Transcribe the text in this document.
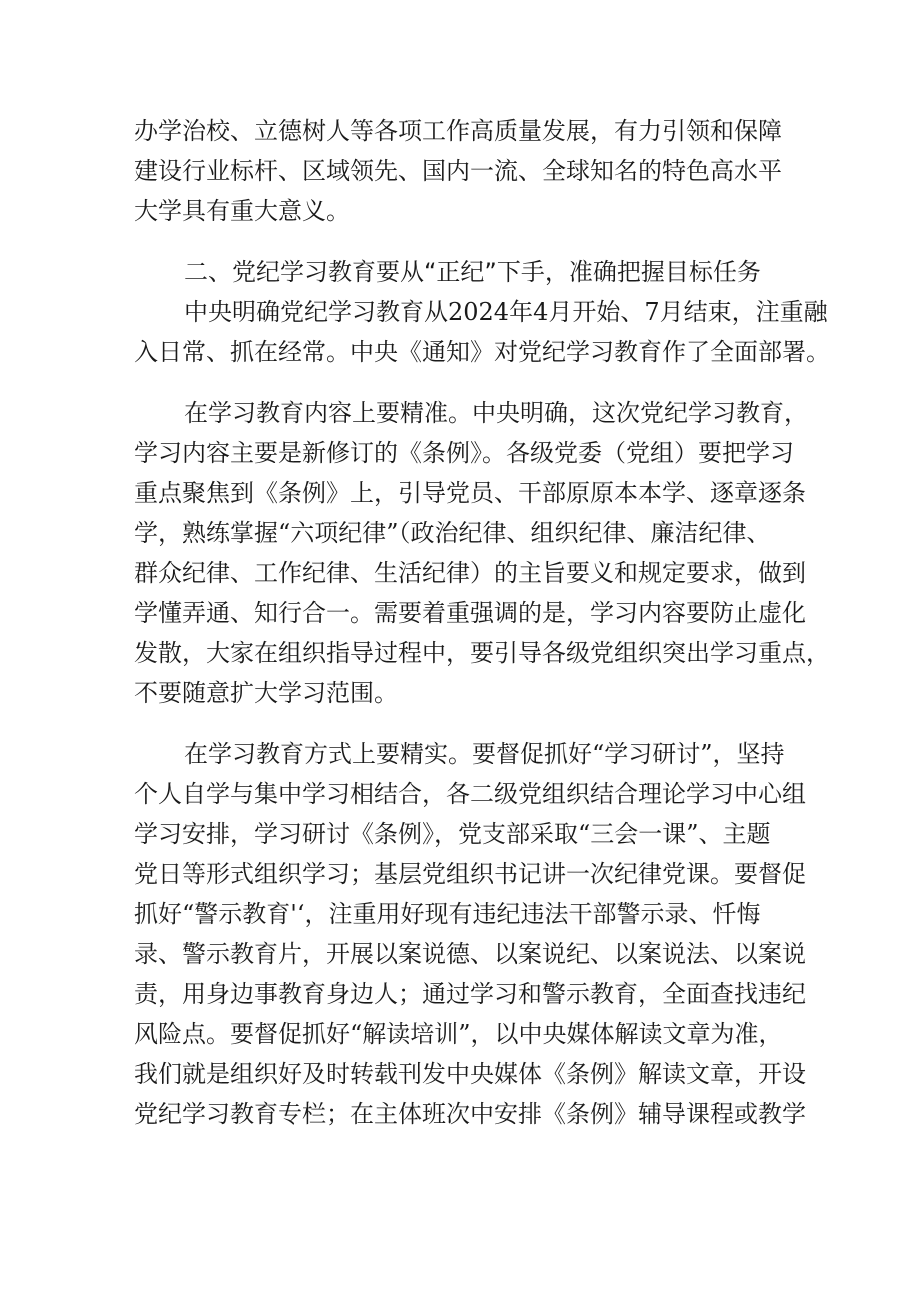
办学治校、立德树人等各项工作高质量发展，有力引领和保障
建设行业标杆、区域领先、国内一流、全球知名的特色高水平
大学具有重大意义。
二、党纪学习教育要从“正纪”下手，准确把握目标任务
中央明确党纪学习教育从2024年4月开始、7月结束，注重融
入日常、抓在经常。中央《通知》对党纪学习教育作了全面部署。
在学习教育内容上要精准。中央明确，这次党纪学习教育，
学习内容主要是新修订的《条例》。各级党委（党组）要把学习
重点聚焦到《条例》上，引导党员、干部原原本本学、逐章逐条
学，熟练掌握“六项纪律”（政治纪律、组织纪律、廉洁纪律、
群众纪律、工作纪律、生活纪律）的主旨要义和规定要求，做到
学懂弄通、知行合一。需要着重强调的是，学习内容要防止虚化
发散，大家在组织指导过程中，要引导各级党组织突出学习重点，
不要随意扩大学习范围。
在学习教育方式上要精实。要督促抓好“学习研讨”，坚持
个人自学与集中学习相结合，各二级党组织结合理论学习中心组
学习安排，学习研讨《条例》，党支部采取“三会一课”、主题
党日等形式组织学习；基层党组织书记讲一次纪律党课。要督促
抓好“警示教育'‘，注重用好现有违纪违法干部警示录、忏悔
录、警示教育片，开展以案说德、以案说纪、以案说法、以案说
责，用身边事教育身边人；通过学习和警示教育，全面查找违纪
风险点。要督促抓好“解读培训”，以中央媒体解读文章为准，
我们就是组织好及时转载刊发中央媒体《条例》解读文章，开设
党纪学习教育专栏；在主体班次中安排《条例》辅导课程或教学
